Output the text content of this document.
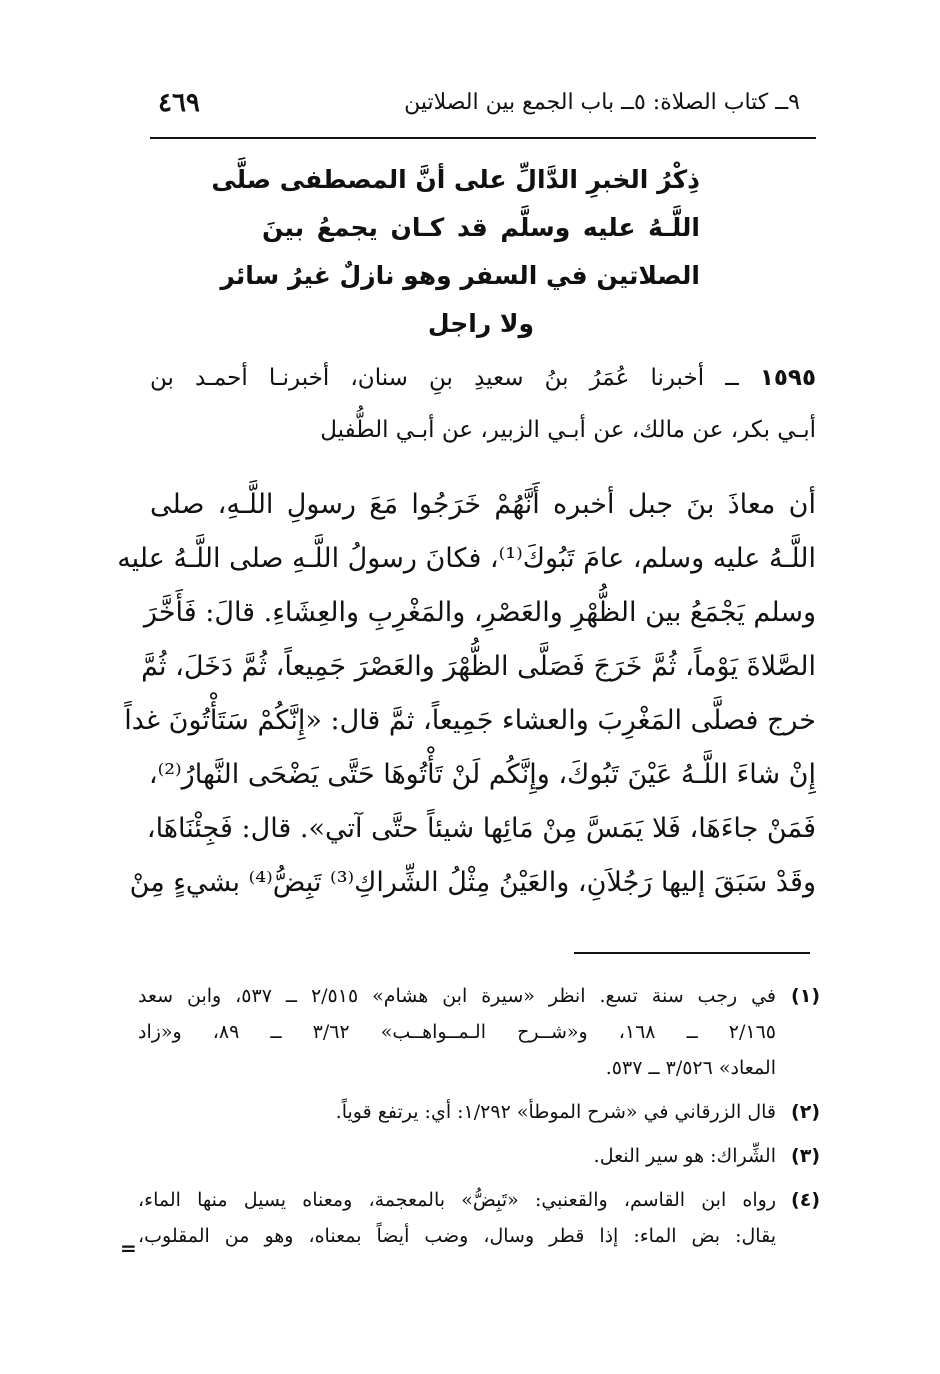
٤٦٩	٩ــ كتاب الصلاة: ٥ــ باب الجمع بين الصلاتين
ذِكْرُ الخبرِ الدَّالِّ على أنَّ المصطفى صلَّى
اللَّـهُ عليه وسلَّم قد كـان يجمعُ بينَ
الصلاتين في السفر وهو نازلٌ غيرُ سائر
ولا راجل
١٥٩٥ ــ أخبرنا عُمَرُ بنُ سعيدِ بنِ سنان، أخبرنـا أحمـد بن
أبـي بكر، عن مالك، عن أبـي الزبير، عن أبـي الطُّفيل
أن معاذَ بنَ جبل أخبره أَنَّهُمْ خَرَجُوا مَعَ رسولِ اللَّـهِ، صلى
اللَّـهُ عليه وسلم، عامَ تَبُوكَ⁽¹⁾، فكانَ رسولُ اللَّـهِ صلى اللَّـهُ عليه
وسلم يَجْمَعُ بين الظُّهْرِ والعَصْرِ، والمَغْرِبِ والعِشَاءِ. قالَ: فَأَخَّرَ
الصَّلاةَ يَوْماً، ثُمَّ خَرَجَ فَصَلَّى الظُّهْرَ والعَصْرَ جَمِيعاً، ثُمَّ دَخَلَ، ثُمَّ
خرج فصلَّى المَغْرِبَ والعشاء جَمِيعاً، ثمَّ قال: «إِنَّكُمْ سَتَأْتُونَ غداً
إِنْ شاءَ اللَّـهُ عَيْنَ تَبُوكَ، وإِنَّكُم لَنْ تَأْتُوهَا حَتَّى يَضْحَى النَّهارُ⁽²⁾،
فَمَنْ جاءَهَا، فَلا يَمَسَّ مِنْ مَائِها شيئاً حتَّى آتي». قال: فَجِئْنَاهَا،
وقَدْ سَبَقَ إليها رَجُلاَنِ، والعَيْنُ مِثْلُ الشِّراكِ⁽³⁾ تَبِضُّ⁽⁴⁾ بشيءٍ مِنْ
(١)
في رجب سنة تسع. انظر «سيرة ابن هشام» ٢/٥١٥ ــ ٥٣٧، وابن سعد
٢/١٦٥ ــ ١٦٨، و«شــرح الـمــواهــب» ٣/٦٢ ــ ٨٩، و«زاد
المعاد» ٣/٥٢٦ ــ ٥٣٧.
(٢)
قال الزرقاني في «شرح الموطأ» ١/٢٩٢: أي: يرتفع قوياً.
(٣)
الشِّراك: هو سير النعل.
(٤)
رواه ابن القاسم، والقعنبي: «تَبِضُّ» بالمعجمة، ومعناه يسيل منها الماء،
يقال: بض الماء: إذا قطر وسال، وضب أيضاً بمعناه، وهو من المقلوب،
=
